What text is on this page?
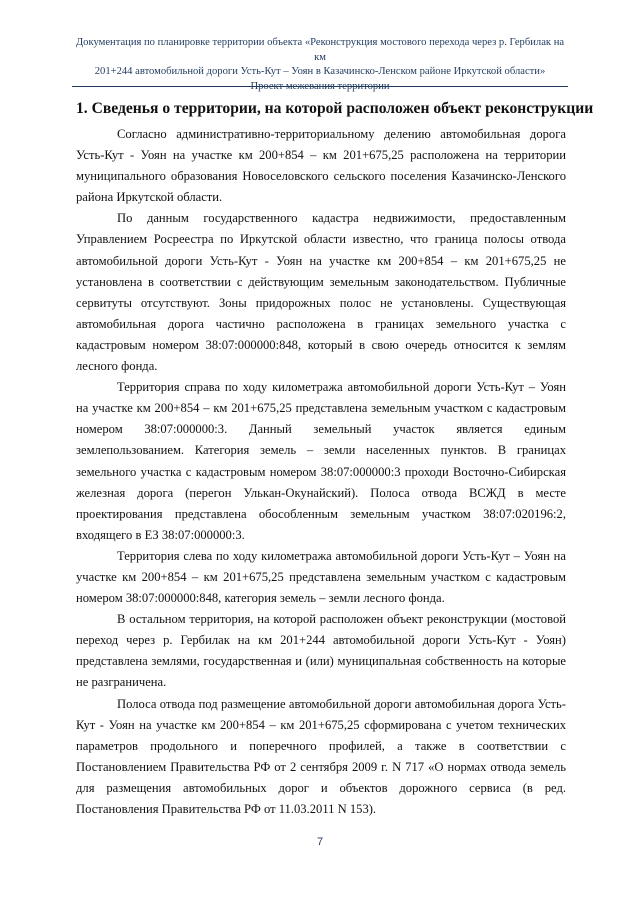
Документация по планировке территории объекта «Реконструкция мостового перехода через р. Гербилак на км
201+244 автомобильной дороги Усть-Кут – Уоян в Казачинско-Ленском районе Иркутской области»
Проект межевания территории
1. Сведенья о территории, на которой расположен объект реконструкции

Согласно административно-территориальному делению автомобильная дорога Усть-Кут - Уоян на участке км 200+854 – км 201+675,25 расположена на территории муниципального образования Новоселовского сельского поселения Казачинско-Ленского района Иркутской области.

По данным государственного кадастра недвижимости, предоставленным Управлением Росреестра по Иркутской области известно, что граница полосы отвода автомобильной дороги Усть-Кут - Уоян на участке км 200+854 – км 201+675,25 не установлена в соответствии с действующим земельным законодательством. Публичные сервитуты отсутствуют. Зоны придорожных полос не установлены. Существующая автомобильная дорога частично расположена в границах земельного участка с кадастровым номером 38:07:000000:848, который в свою очередь относится к землям лесного фонда.

Территория справа по ходу километража автомобильной дороги Усть-Кут – Уоян на участке км 200+854 – км 201+675,25 представлена земельным участком с кадастровым номером 38:07:000000:3. Данный земельный участок является единым землепользованием. Категория земель – земли населенных пунктов. В границах земельного участка с кадастровым номером 38:07:000000:3 проходи Восточно-Сибирская железная дорога (перегон Улькан-Окунайский). Полоса отвода ВСЖД в месте проектирования представлена обособленным земельным участком 38:07:020196:2, входящего в ЕЗ 38:07:000000:3.

Территория слева по ходу километража автомобильной дороги Усть-Кут – Уоян на участке км 200+854 – км 201+675,25 представлена земельным участком с кадастровым номером 38:07:000000:848, категория земель – земли лесного фонда.

В остальном территория, на которой расположен объект реконструкции (мостовой переход через р. Гербилак на км 201+244 автомобильной дороги Усть-Кут - Уоян) представлена землями, государственная и (или) муниципальная собственность на которые не разграничена.

Полоса отвода под размещение автомобильной дороги автомобильная дорога Усть-Кут - Уоян на участке км 200+854 – км 201+675,25 сформирована с учетом технических параметров продольного и поперечного профилей, а также в соответствии с Постановлением Правительства РФ от 2 сентября 2009 г. N 717 «О нормах отвода земель для размещения автомобильных дорог и объектов дорожного сервиса (в ред. Постановления Правительства РФ от 11.03.2011 N 153).

7
